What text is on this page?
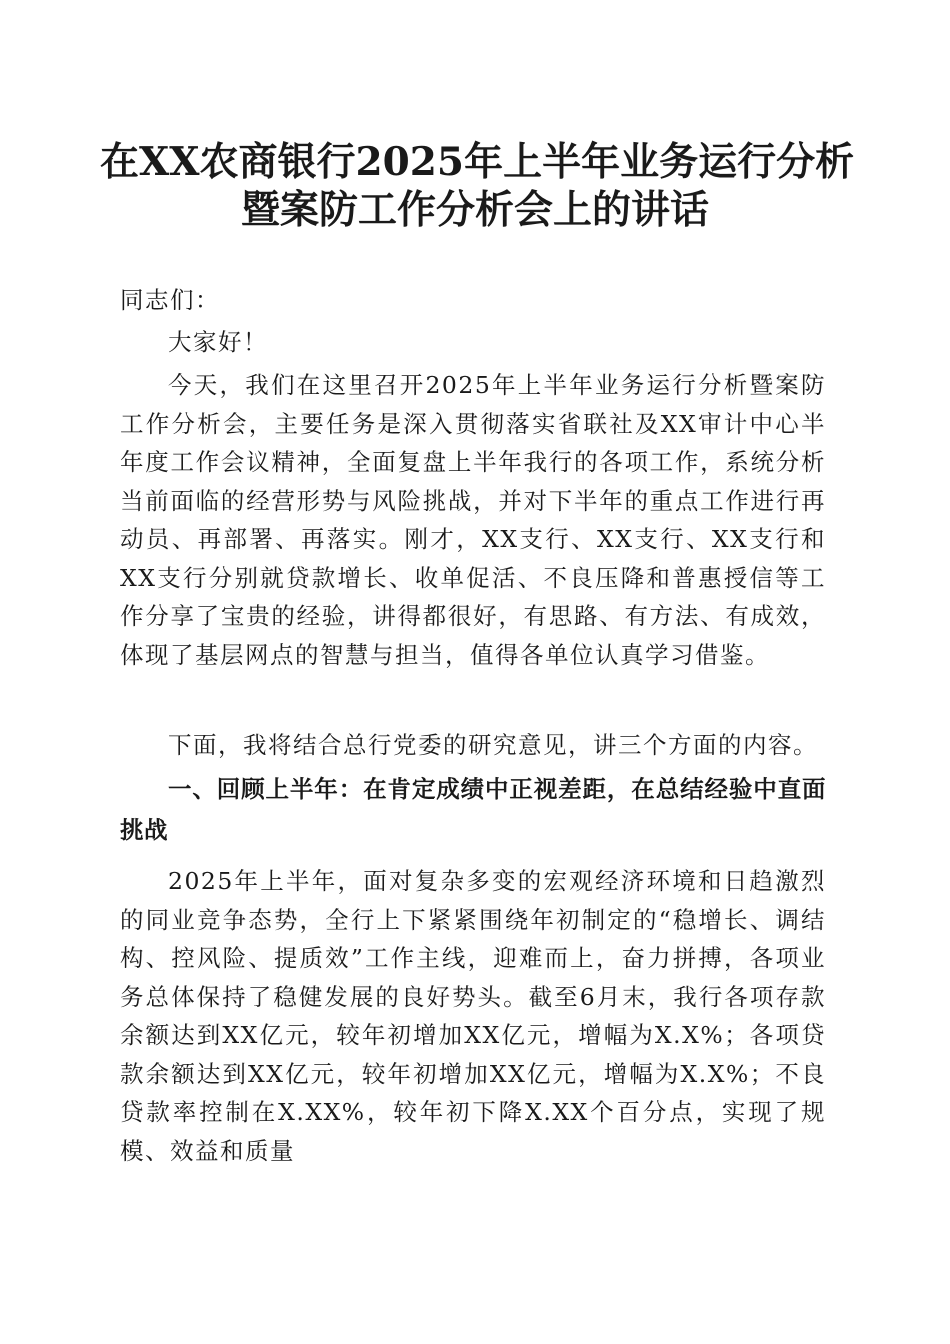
在XX农商银行2025年上半年业务运行分析
暨案防工作分析会上的讲话
同志们：
大家好！
今天，我们在这里召开2025年上半年业务运行分析暨案防工作分析会，主要任务是深入贯彻落实省联社及XX审计中心半年度工作会议精神，全面复盘上半年我行的各项工作，系统分析当前面临的经营形势与风险挑战，并对下半年的重点工作进行再动员、再部署、再落实。刚才，XX支行、XX支行、XX支行和XX支行分别就贷款增长、收单促活、不良压降和普惠授信等工作分享了宝贵的经验，讲得都很好，有思路、有方法、有成效，体现了基层网点的智慧与担当，值得各单位认真学习借鉴。
下面，我将结合总行党委的研究意见，讲三个方面的内容。
一、回顾上半年：在肯定成绩中正视差距，在总结经验中直面挑战
2025年上半年，面对复杂多变的宏观经济环境和日趋激烈的同业竞争态势，全行上下紧紧围绕年初制定的“稳增长、调结构、控风险、提质效”工作主线，迎难而上，奋力拼搏，各项业务总体保持了稳健发展的良好势头。截至6月末，我行各项存款余额达到XX亿元，较年初增加XX亿元，增幅为X.X%；各项贷款余额达到XX亿元，较年初增加XX亿元，增幅为X.X%；不良贷款率控制在X.XX%，较年初下降X.XX个百分点，实现了规模、效益和质量
